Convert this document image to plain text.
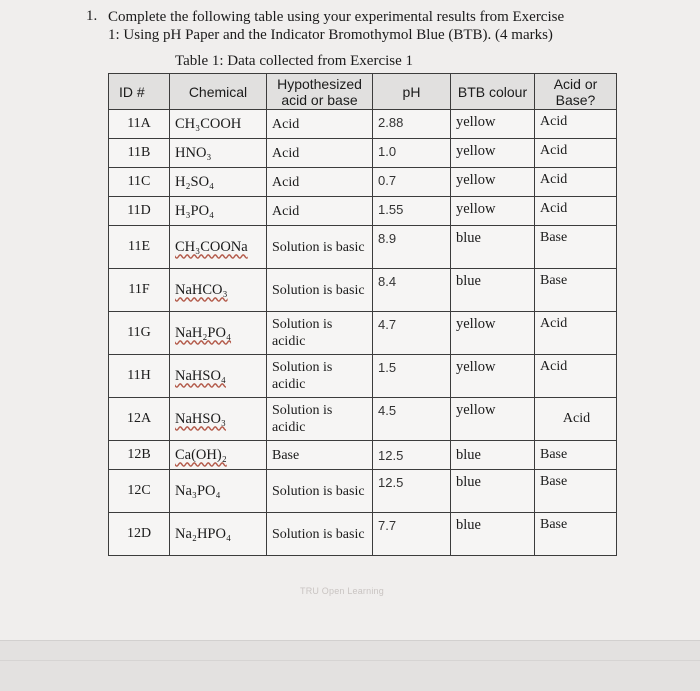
1. Complete the following table using your experimental results from Exercise 1: Using pH Paper and the Indicator Bromothymol Blue (BTB). (4 marks)
Table 1: Data collected from Exercise 1
ID #	Chemical	Hypothesized acid or base	pH	BTB colour	Acid or Base?
11A	CH₃COOH	Acid	2.88	yellow	Acid
11B	HNO₃	Acid	1.0	yellow	Acid
11C	H₂SO₄	Acid	0.7	yellow	Acid
11D	H₃PO₄	Acid	1.55	yellow	Acid
11E	CH₃COONa	Solution is basic	8.9	blue	Base
11F	NaHCO₃	Solution is basic	8.4	blue	Base
11G	NaH₂PO₄	Solution is acidic	4.7	yellow	Acid
11H	NaHSO₄	Solution is acidic	1.5	yellow	Acid
12A	NaHSO₃	Solution is acidic	4.5	yellow	Acid
12B	Ca(OH)₂	Base	12.5	blue	Base
12C	Na₃PO₄	Solution is basic	12.5	blue	Base
12D	Na₂HPO₄	Solution is basic	7.7	blue	Base
TRU Open Learning
